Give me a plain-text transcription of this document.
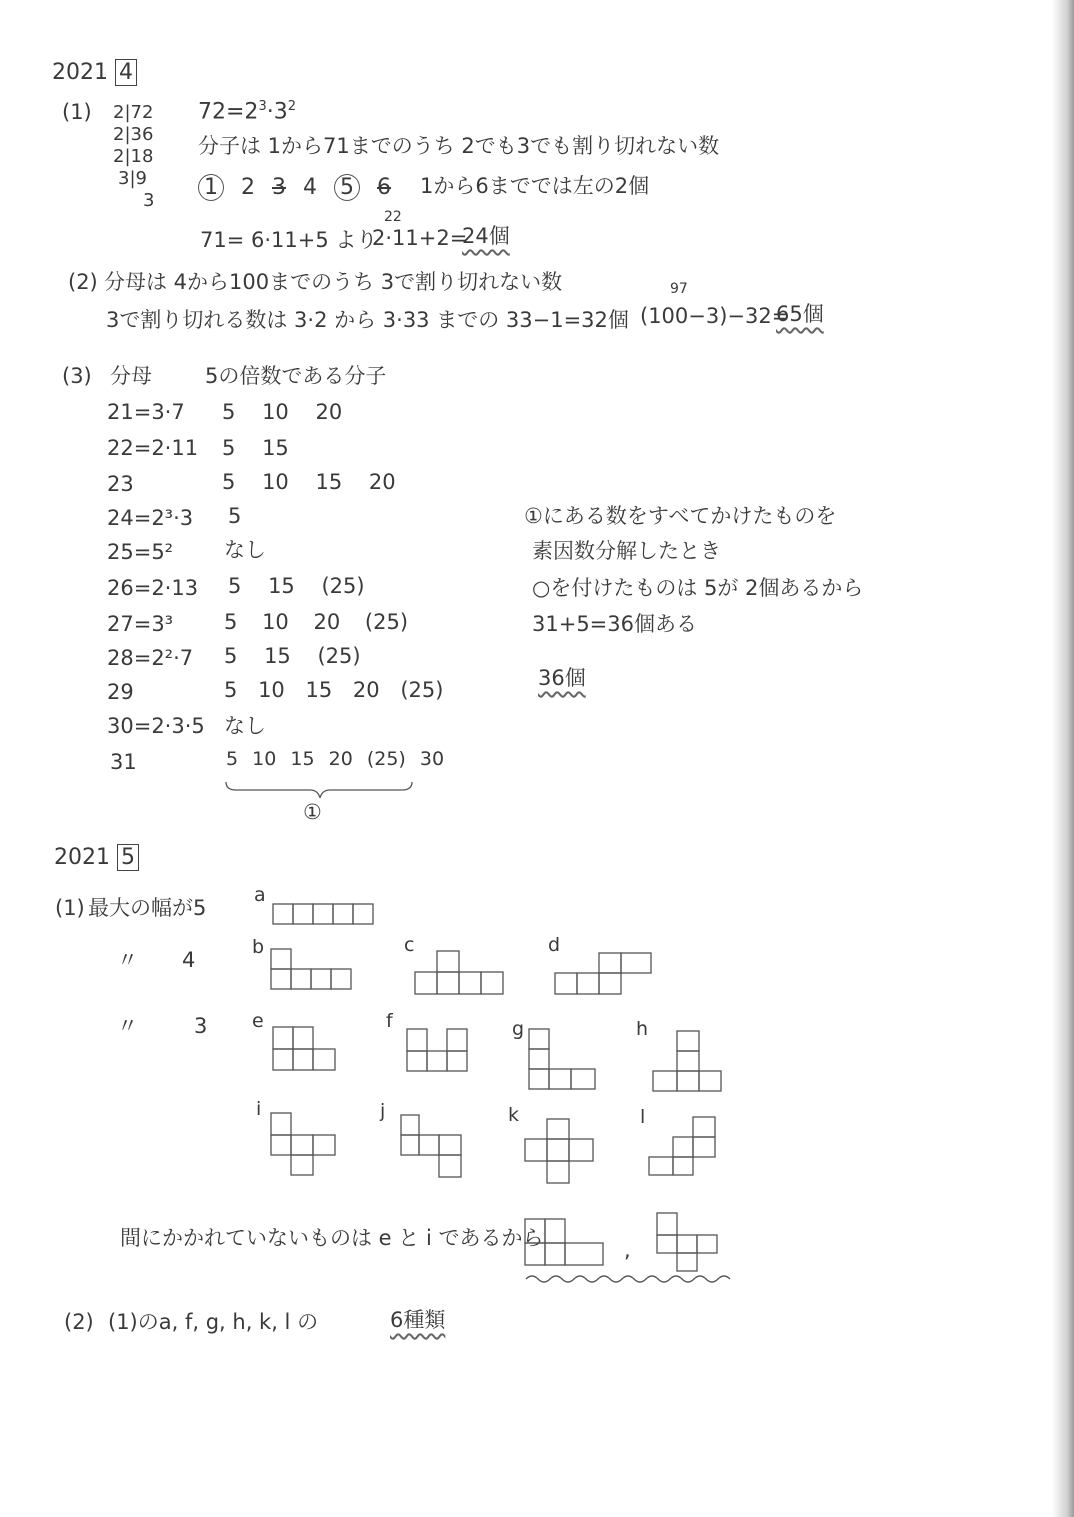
2021 4
(1) 2|72
2|36
2|18
3|9
3
$72=2^3\cdot 3^2$
分子は 1から71までのうち 2でも3でも割り切れない数
1 2 3 4 5 6 1から6まででは左の2個
71= 6·11+5 より
22
2·11+2=
24個
(2) 分母は 4から100までのうち 3で割り切れない数
3で割り切れる数は 3·2 から 3·33 までの 33−1=32個
97
(100−3)−32=
65個
(3) 分母	5の倍数である分子
21=3·7 5 10 20
22=2·11 5 15
23	5 10 15 20
24=2³·3 5
25=5² なし
26=2·13 5 15 (25)
27=3³ 5 10 20 (25)
28=2²·7 5 15 (25)
29	5 10 15 20 (25)
30=2·3·5 なし
31	5 10 15 20 (25) 30
①
①にある数をすべてかけたものを
素因数分解したとき
○を付けたものは 5が 2個あるから
31+5=36個ある
36個
2021 5
(1) 最大の幅が5
〃 4
〃	3
a
b	c	d
e	f	g	h
i	j	k	l
間にかかれていないものは e と i であるから	,
(2) (1)のa, f, g, h, k, l の	6種類
